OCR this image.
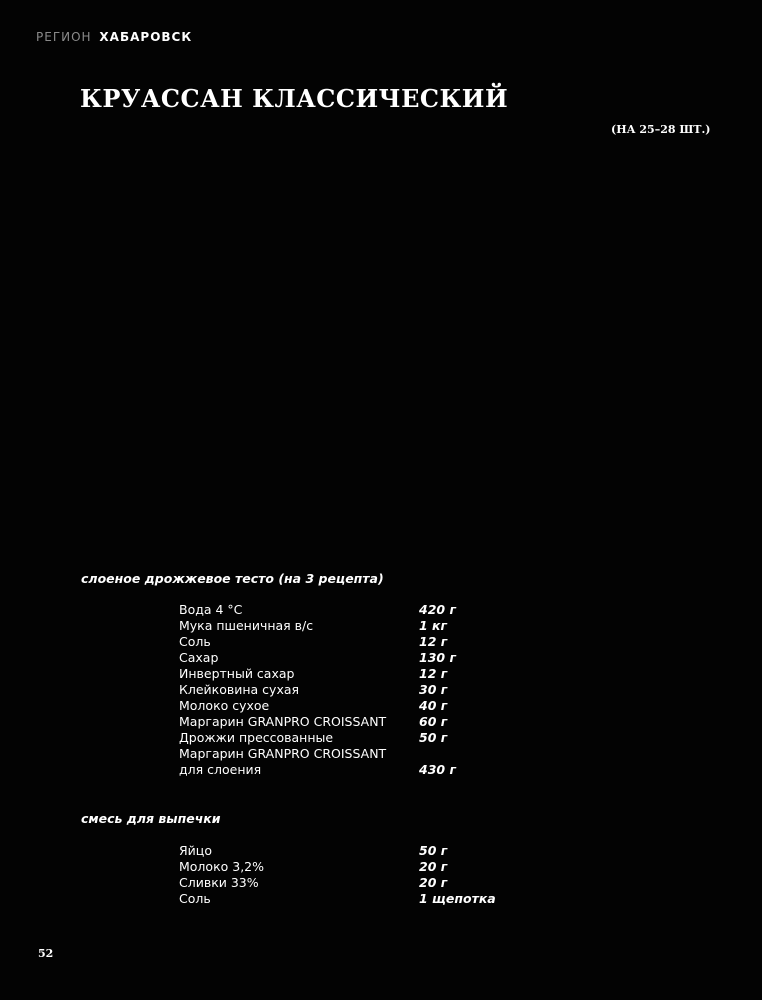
РЕГИОН ХАБАРОВСК
КРУАССАН КЛАССИЧЕСКИЙ
(НА 25–28 ШТ.)
слоеное дрожжевое тесто (на 3 рецепта)
Вода 4 °С	420 г
Мука пшеничная в/с	1 кг
Соль	12 г
Сахар	130 г
Инвертный сахар	12 г
Клейковина сухая	30 г
Молоко сухое	40 г
Маргарин GRANPRO CROISSANT	60 г
Дрожжи прессованные	50 г
Маргарин GRANPRO CROISSANT
для слоения	430 г
смесь для выпечки
Яйцо	50 г
Молоко 3,2%	20 г
Сливки 33%	20 г
Соль	1 щепотка
52
